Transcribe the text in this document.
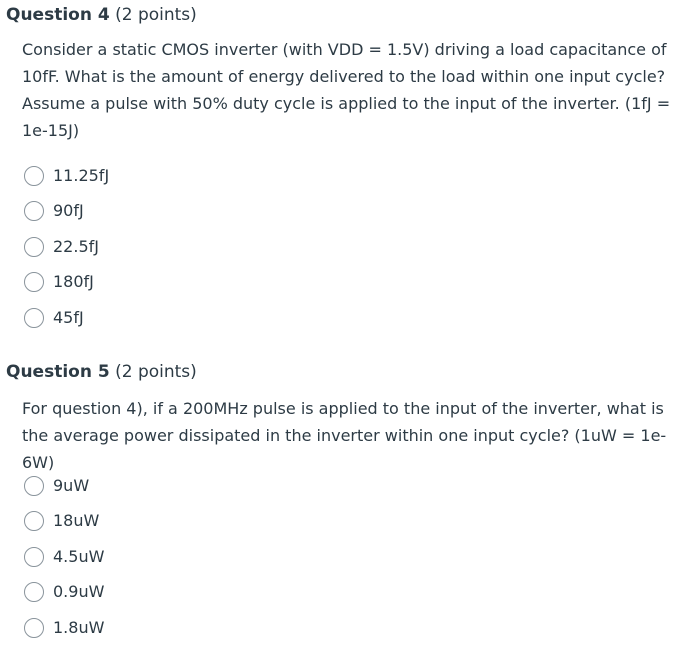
Question 4 (2 points)

Consider a static CMOS inverter (with VDD = 1.5V) driving a load capacitance of 10fF. What is the amount of energy delivered to the load within one input cycle? Assume a pulse with 50% duty cycle is applied to the input of the inverter. (1fJ = 1e-15J)

11.25fJ
90fJ
22.5fJ
180fJ
45fJ
Question 5 (2 points)

For question 4), if a 200MHz pulse is applied to the input of the inverter, what is the average power dissipated in the inverter within one input cycle? (1uW = 1e-6W)

9uW
18uW
4.5uW
0.9uW
1.8uW
